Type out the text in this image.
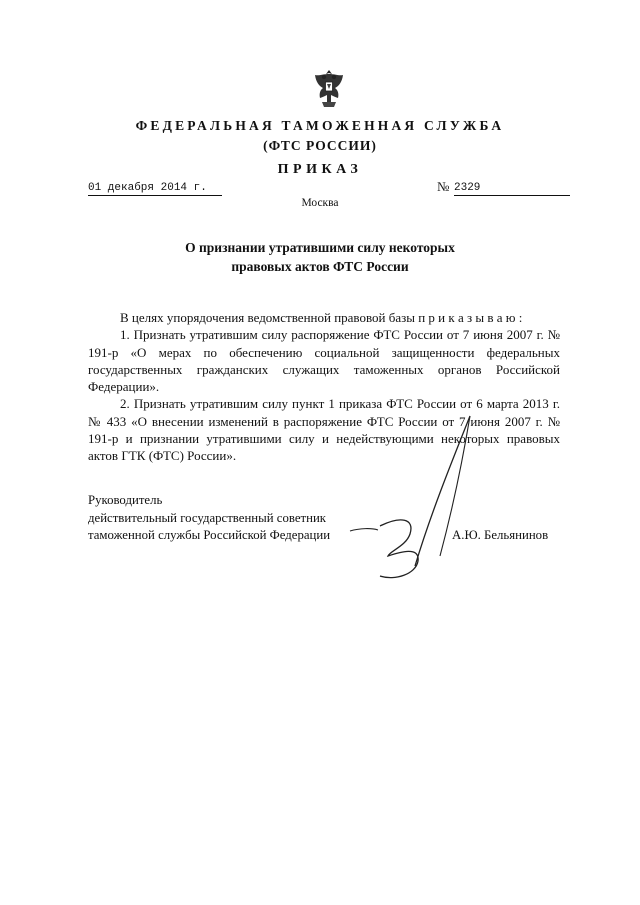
ФЕДЕРАЛЬНАЯ ТАМОЖЕННАЯ СЛУЖБА
(ФТС РОССИИ)
ПРИКАЗ
01 декабря 2014 г.	№ 2329
Москва
О признании утратившими силу некоторых
правовых актов ФТС России

В целях упорядочения ведомственной правовой базы п р и к а з ы в а ю :

1. Признать утратившим силу распоряжение ФТС России от 7 июня 2007 г. № 191-р «О мерах по обеспечению социальной защищенности федеральных государственных гражданских служащих таможенных органов Российской Федерации».

2. Признать утратившим силу пункт 1 приказа ФТС России от 6 марта 2013 г. № 433 «О внесении изменений в распоряжение ФТС России от 7 июня 2007 г. № 191-р и признании утратившими силу и недействующими некоторых правовых актов ГТК (ФТС) России».

Руководитель
действительный государственный советник
таможенной службы Российской Федерации	А.Ю. Бельянинов
